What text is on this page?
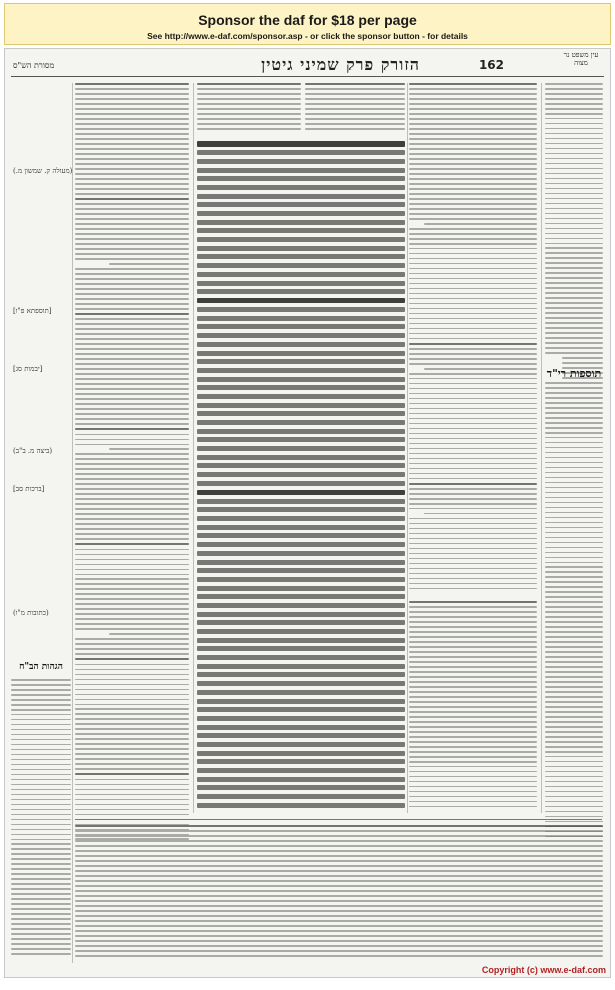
Sponsor the daf for $18 per page
See http://www.e-daf.com/sponsor.asp - or click the sponsor button - for details
162
הזורק פרק שמיני גיטין
מסורת הש"ס
עין משפט נר מצוה
תוספות רי"ד
הגהות הב"ח
(מעולה ק. שמשון מ.)
[תוספתא פ"ו]
[יבמות סג]
(ביצה מ. ב"ב)
[ברכות סב]
(כתובות מ"ו)
Copyright (c) www.e-daf.com
